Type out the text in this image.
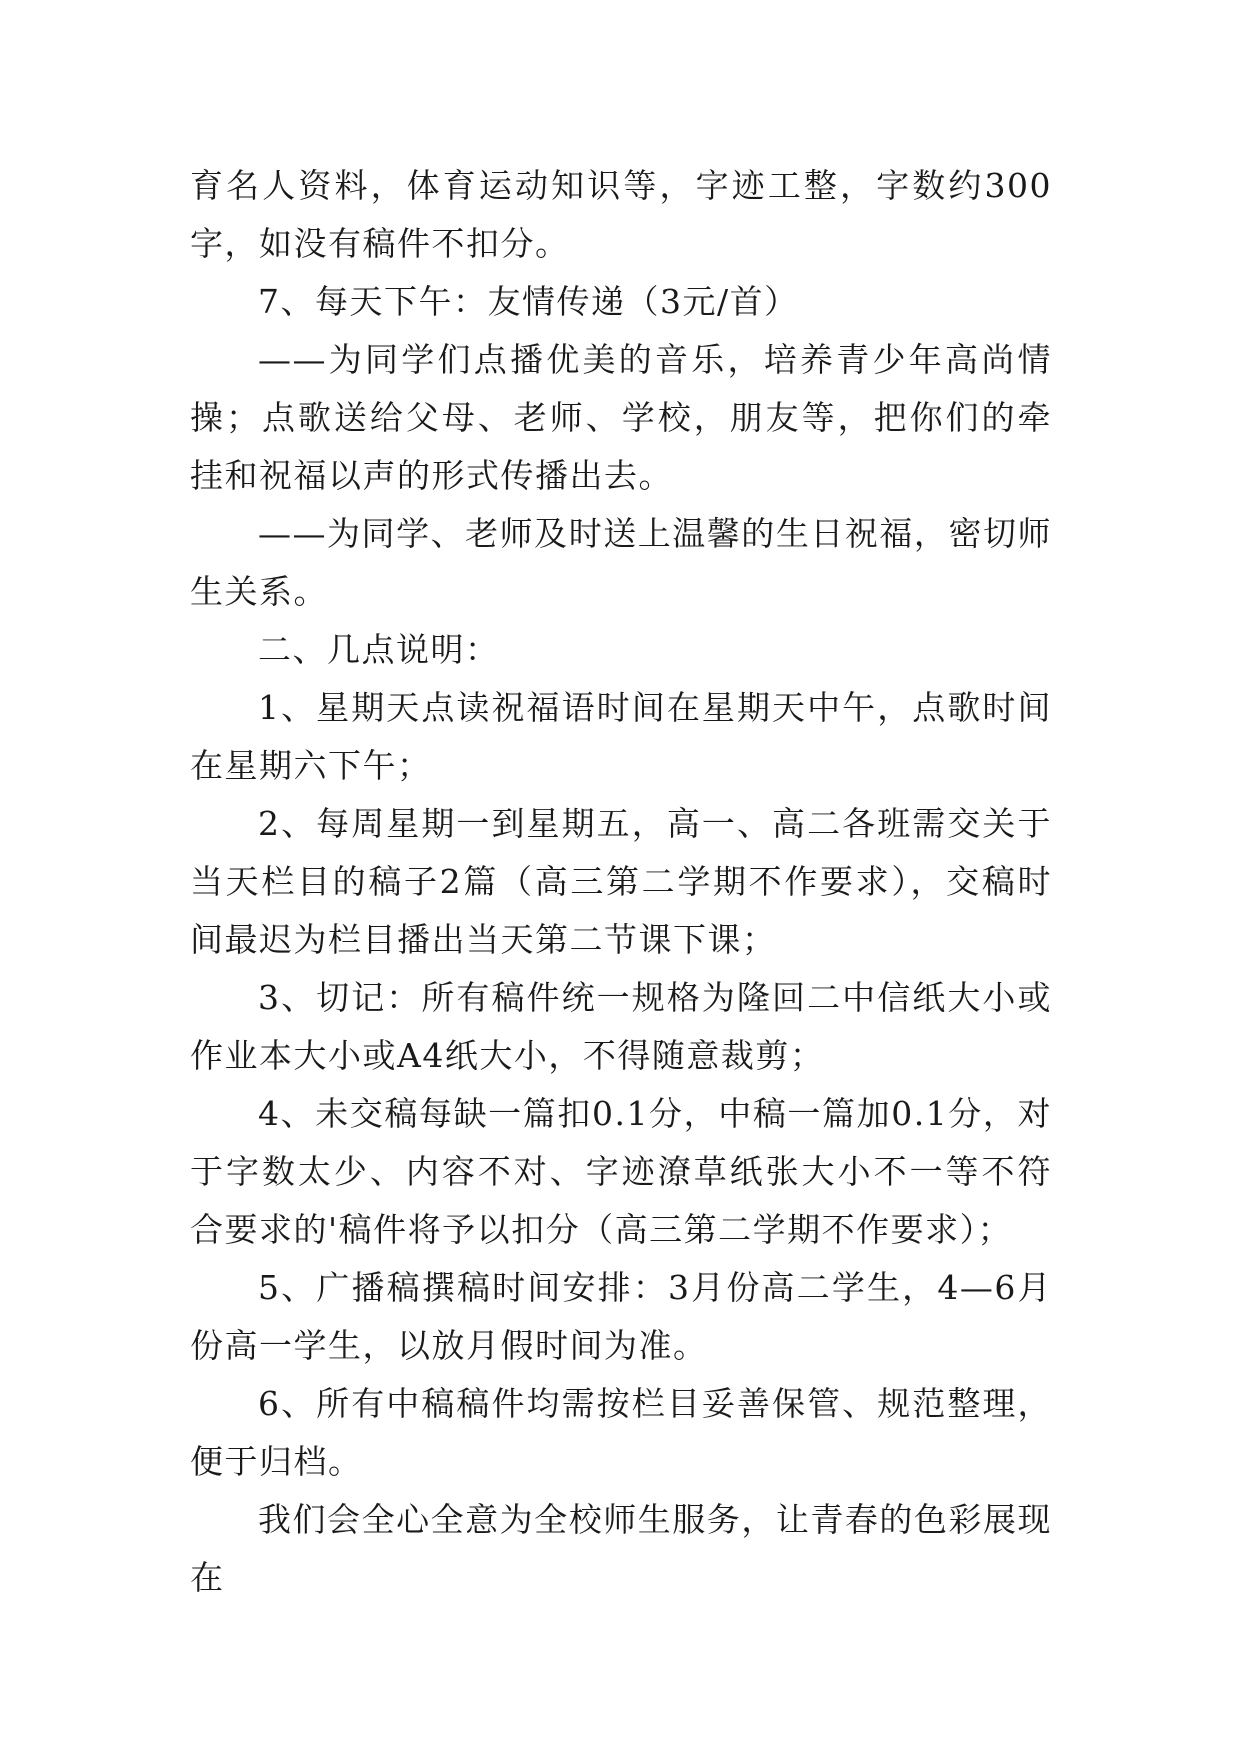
育名人资料，体育运动知识等，字迹工整，字数约300字，如没有稿件不扣分。

7、每天下午：友情传递（3元/首）

——为同学们点播优美的音乐，培养青少年高尚情操；点歌送给父母、老师、学校，朋友等，把你们的牵挂和祝福以声的形式传播出去。

——为同学、老师及时送上温馨的生日祝福，密切师生关系。

二、几点说明：

1、星期天点读祝福语时间在星期天中午，点歌时间在星期六下午；

2、每周星期一到星期五，高一、高二各班需交关于当天栏目的稿子2篇（高三第二学期不作要求），交稿时间最迟为栏目播出当天第二节课下课；

3、切记：所有稿件统一规格为隆回二中信纸大小或作业本大小或A4纸大小，不得随意裁剪；

4、未交稿每缺一篇扣0.1分，中稿一篇加0.1分，对于字数太少、内容不对、字迹潦草纸张大小不一等不符合要求的'稿件将予以扣分（高三第二学期不作要求）；

5、广播稿撰稿时间安排：3月份高二学生，4—6月份高一学生，以放月假时间为准。

6、所有中稿稿件均需按栏目妥善保管、规范整理，便于归档。

我们会全心全意为全校师生服务，让青春的色彩展现在
